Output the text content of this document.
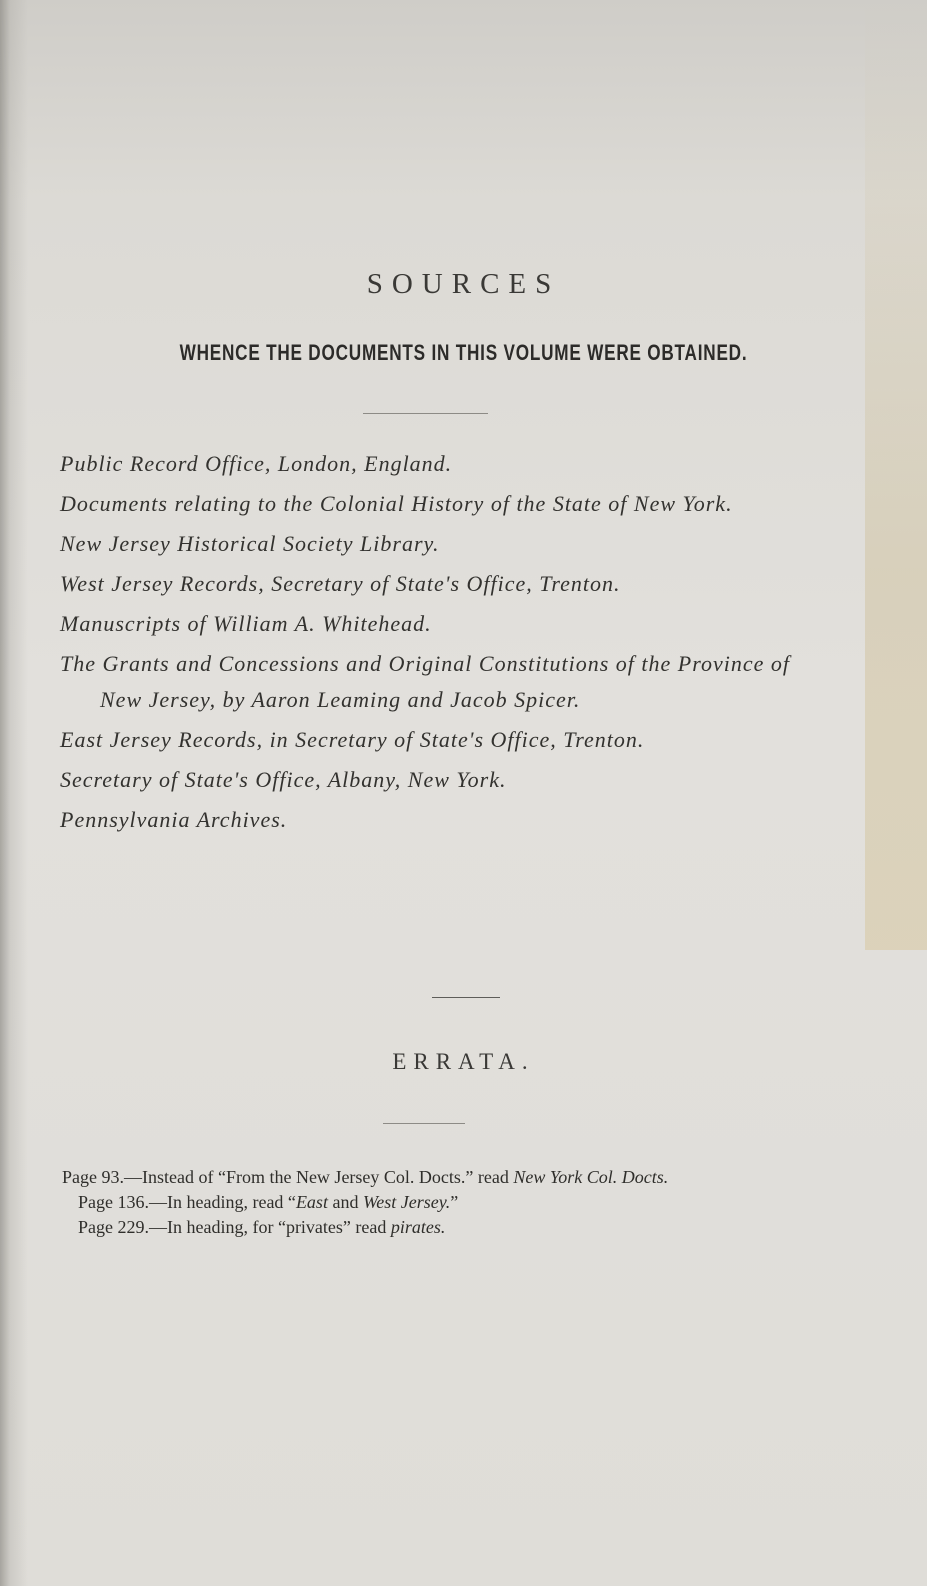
SOURCES
WHENCE THE DOCUMENTS IN THIS VOLUME WERE OBTAINED.
Public Record Office, London, England.
Documents relating to the Colonial History of the State of New York.
New Jersey Historical Society Library.
West Jersey Records, Secretary of State's Office, Trenton.
Manuscripts of William A. Whitehead.
The Grants and Concessions and Original Constitutions of the Province of New Jersey, by Aaron Leaming and Jacob Spicer.
East Jersey Records, in Secretary of State's Office, Trenton.
Secretary of State's Office, Albany, New York.
Pennsylvania Archives.
ERRATA.

Page 93.—Instead of “From the New Jersey Col. Docts.” read New York Col. Docts.

Page 136.—In heading, read “East and West Jersey.”

Page 229.—In heading, for “privates” read pirates.
